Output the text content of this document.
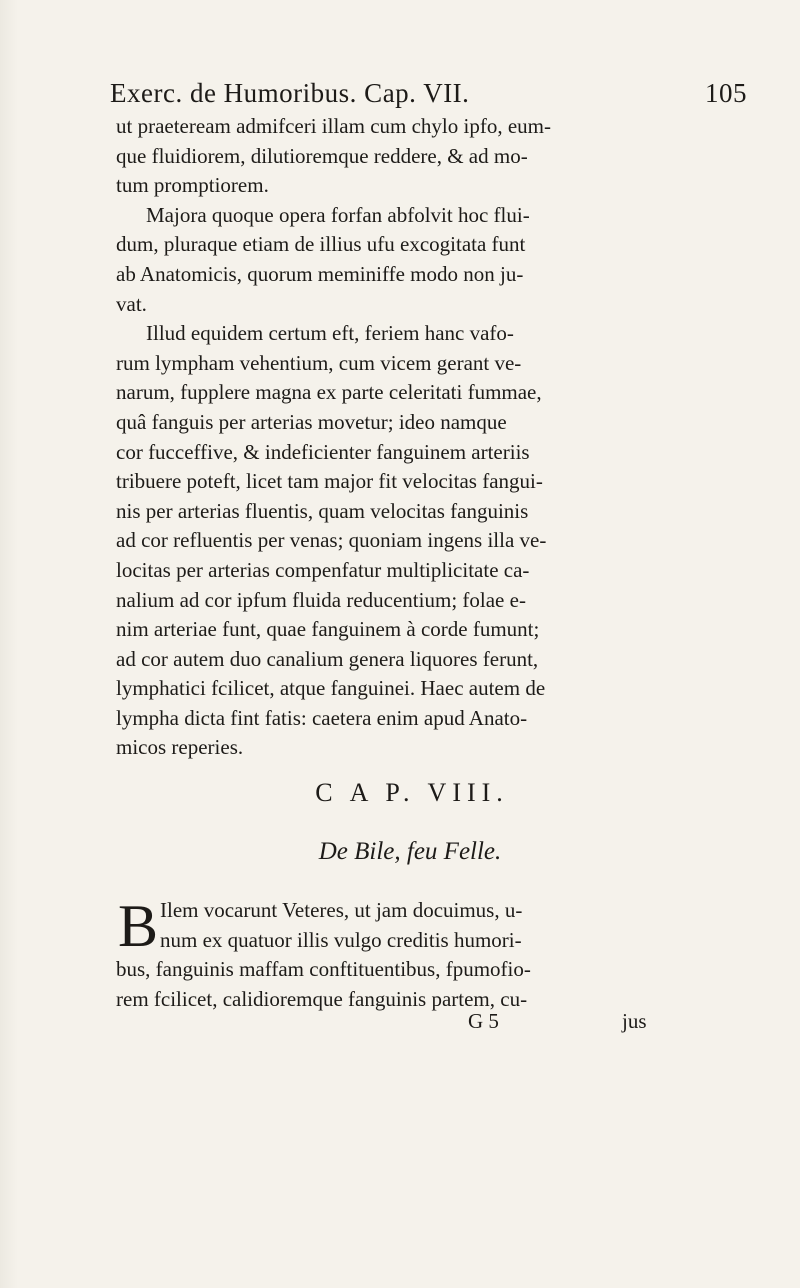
Exerc. de Humoribus. Cap. VII.	105
ut praeteream admifceri illam cum chylo ipfo, eum-
que fluidiorem, dilutioremque reddere, & ad mo-
tum promptiorem.
Majora quoque opera forfan abfolvit hoc flui-
dum, pluraque etiam de illius ufu excogitata funt
ab Anatomicis, quorum meminiffe modo non ju-
vat.
Illud equidem certum eft, feriem hanc vafo-
rum lympham vehentium, cum vicem gerant ve-
narum, fupplere magna ex parte celeritati fummae,
quâ fanguis per arterias movetur; ideo namque
cor fucceffive, & indeficienter fanguinem arteriis
tribuere poteft, licet tam major fit velocitas fangui-
nis per arterias fluentis, quam velocitas fanguinis
ad cor refluentis per venas; quoniam ingens illa ve-
locitas per arterias compenfatur multiplicitate ca-
nalium ad cor ipfum fluida reducentium; folae e-
nim arteriae funt, quae fanguinem à corde fumunt;
ad cor autem duo canalium genera liquores ferunt,
lymphatici fcilicet, atque fanguinei. Haec autem de
lympha dicta fint fatis: caetera enim apud Anato-
micos reperies.
C A P. VIII.
De Bile, feu Felle.
B Ilem vocarunt Veteres, ut jam docuimus, u-
num ex quatuor illis vulgo creditis humori-
bus, fanguinis maffam conftituentibus, fpumofio-
rem fcilicet, calidioremque fanguinis partem, cu-
G 5	jus
